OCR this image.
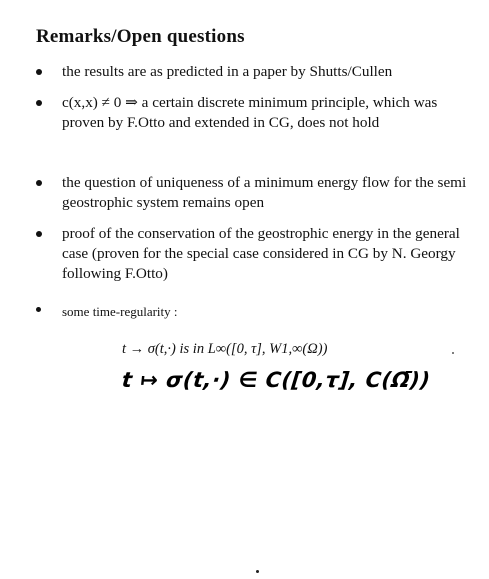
Remarks/Open questions
the results are as predicted in a paper by Shutts/Cullen
c(x,x) ≠ 0 ⇒ a certain discrete minimum principle, which was proven by F.Otto and extended in CG, does not hold
the question of uniqueness of a minimum energy flow for the semi geostrophic system remains open
proof of the conservation of the geostrophic energy in the general case (proven for the special case considered in CG by N. Georgy following F.Otto)
some time-regularity :
t → σ(t,·) is in L∞([0, τ], W1,∞(Ω))
t ↦ σ(t,·) ∈ C([0,τ], C(Ω̄))
